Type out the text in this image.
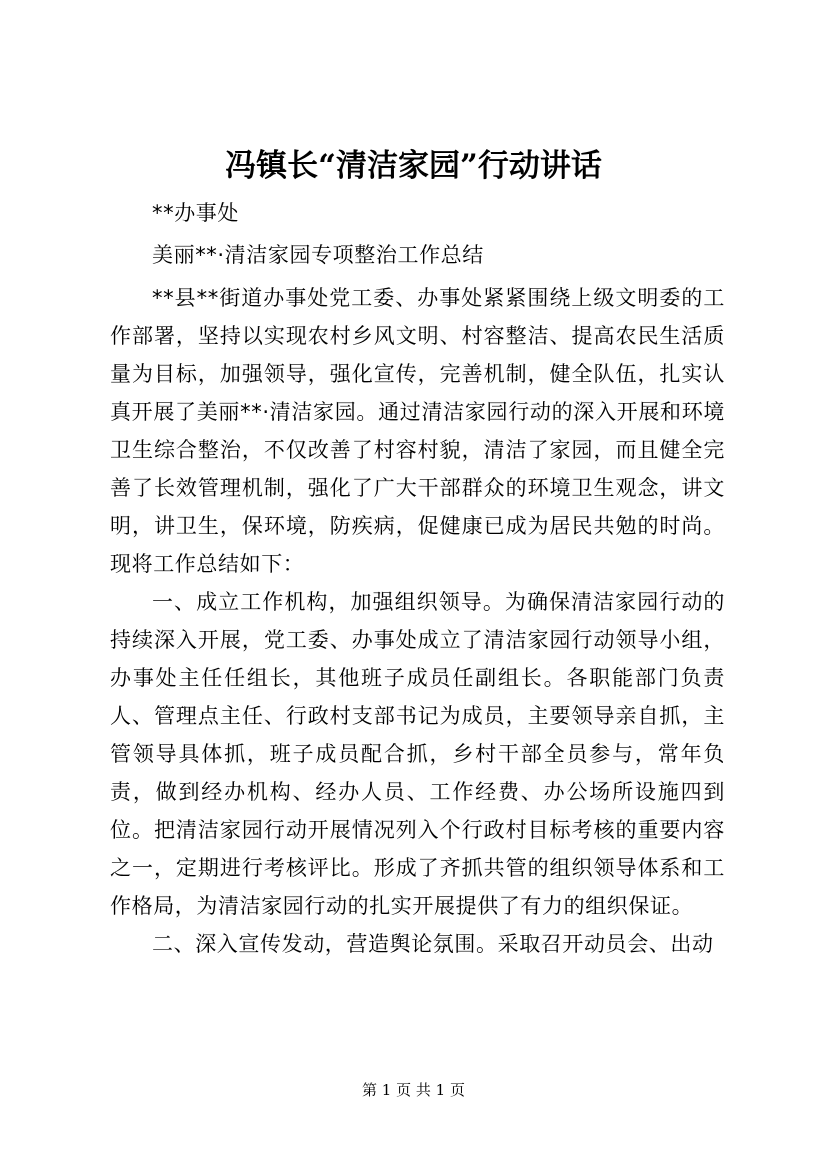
冯镇长“清洁家园”行动讲话

**办事处

美丽**·清洁家园专项整治工作总结

**县**街道办事处党工委、办事处紧紧围绕上级文明委的工作部署，坚持以实现农村乡风文明、村容整洁、提高农民生活质量为目标，加强领导，强化宣传，完善机制，健全队伍，扎实认真开展了美丽**·清洁家园。通过清洁家园行动的深入开展和环境卫生综合整治，不仅改善了村容村貌，清洁了家园，而且健全完善了长效管理机制，强化了广大干部群众的环境卫生观念，讲文明，讲卫生，保环境，防疾病，促健康已成为居民共勉的时尚。现将工作总结如下：

一、成立工作机构，加强组织领导。为确保清洁家园行动的持续深入开展，党工委、办事处成立了清洁家园行动领导小组，办事处主任任组长，其他班子成员任副组长。各职能部门负责人、管理点主任、行政村支部书记为成员，主要领导亲自抓，主管领导具体抓，班子成员配合抓，乡村干部全员参与，常年负责，做到经办机构、经办人员、工作经费、办公场所设施四到位。把清洁家园行动开展情况列入个行政村目标考核的重要内容之一，定期进行考核评比。形成了齐抓共管的组织领导体系和工作格局，为清洁家园行动的扎实开展提供了有力的组织保证。

二、深入宣传发动，营造舆论氛围。采取召开动员会、出动

第 1 页 共 1 页
